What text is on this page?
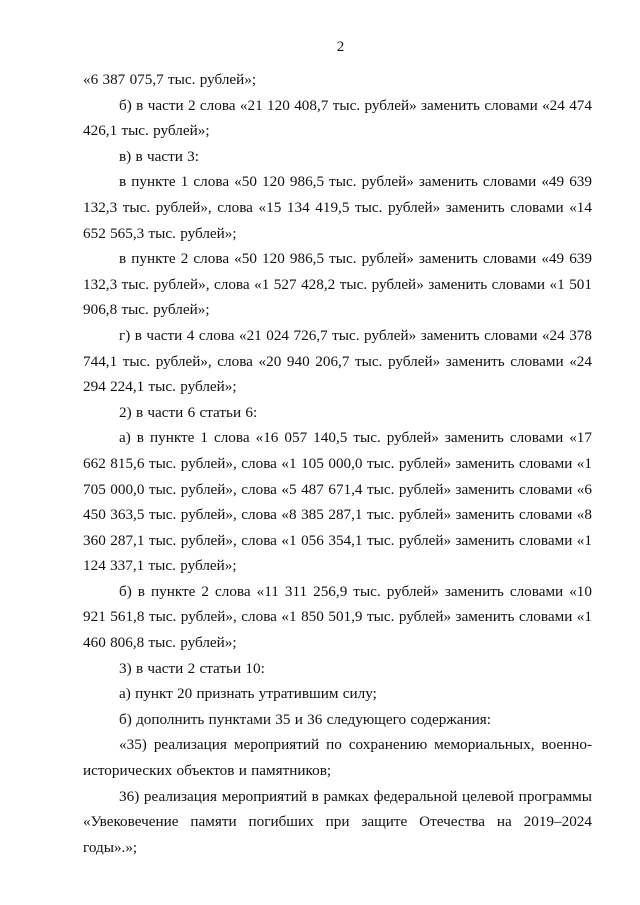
2

«6 387 075,7 тыс. рублей»;

б) в части 2 слова «21 120 408,7 тыс. рублей» заменить словами «24 474 426,1 тыс. рублей»;

в) в части 3:

в пункте 1 слова «50 120 986,5 тыс. рублей» заменить словами «49 639 132,3 тыс. рублей», слова «15 134 419,5 тыс. рублей» заменить словами «14 652 565,3 тыс. рублей»;

в пункте 2 слова «50 120 986,5 тыс. рублей» заменить словами «49 639 132,3 тыс. рублей», слова «1 527 428,2 тыс. рублей» заменить словами «1 501 906,8 тыс. рублей»;

г) в части 4 слова «21 024 726,7 тыс. рублей» заменить словами «24 378 744,1 тыс. рублей», слова «20 940 206,7 тыс. рублей» заменить словами «24 294 224,1 тыс. рублей»;

2) в части 6 статьи 6:

а) в пункте 1 слова «16 057 140,5 тыс. рублей» заменить словами «17 662 815,6 тыс. рублей», слова «1 105 000,0 тыс. рублей» заменить словами «1 705 000,0 тыс. рублей», слова «5 487 671,4 тыс. рублей» заменить словами «6 450 363,5 тыс. рублей», слова «8 385 287,1 тыс. рублей» заменить словами «8 360 287,1 тыс. рублей», слова «1 056 354,1 тыс. рублей» заменить словами «1 124 337,1 тыс. рублей»;

б) в пункте 2 слова «11 311 256,9 тыс. рублей» заменить словами «10 921 561,8 тыс. рублей», слова «1 850 501,9 тыс. рублей» заменить словами «1 460 806,8 тыс. рублей»;

3) в части 2 статьи 10:

а) пункт 20 признать утратившим силу;

б) дополнить пунктами 35 и 36 следующего содержания:

«35) реализация мероприятий по сохранению мемориальных, военно-исторических объектов и памятников;

36) реализация мероприятий в рамках федеральной целевой программы «Увековечение памяти погибших при защите Отечества на 2019–2024 годы».»;
